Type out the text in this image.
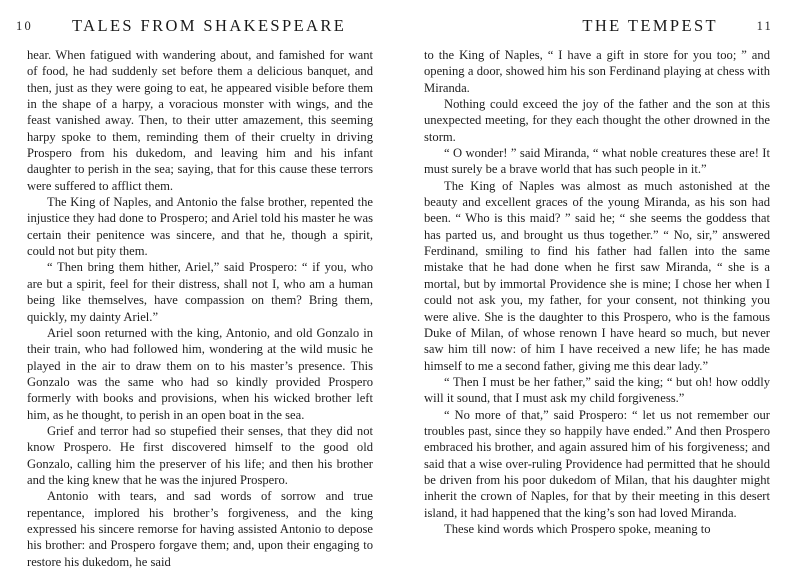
10 TALES FROM SHAKESPEARE	THE TEMPEST	11

hear. When fatigued with wandering about, and famished for want of food, he had suddenly set before them a delicious banquet, and then, just as they were going to eat, he appeared visible before them in the shape of a harpy, a voracious monster with wings, and the feast vanished away. Then, to their utter amazement, this seeming harpy spoke to them, reminding them of their cruelty in driving Prospero from his dukedom, and leaving him and his infant daughter to perish in the sea; saying, that for this cause these terrors were suffered to afflict them.

The King of Naples, and Antonio the false brother, repented the injustice they had done to Prospero; and Ariel told his master he was certain their penitence was sincere, and that he, though a spirit, could not but pity them.

“ Then bring them hither, Ariel,” said Prospero: “ if you, who are but a spirit, feel for their distress, shall not I, who am a human being like themselves, have compassion on them? Bring them, quickly, my dainty Ariel.”

Ariel soon returned with the king, Antonio, and old Gonzalo in their train, who had followed him, wondering at the wild music he played in the air to draw them on to his master’s presence. This Gonzalo was the same who had so kindly provided Prospero formerly with books and provisions, when his wicked brother left him, as he thought, to perish in an open boat in the sea.

Grief and terror had so stupefied their senses, that they did not know Prospero. He first discovered himself to the good old Gonzalo, calling him the preserver of his life; and then his brother and the king knew that he was the injured Prospero.

Antonio with tears, and sad words of sorrow and true repentance, implored his brother’s forgiveness, and the king expressed his sincere remorse for having assisted Antonio to depose his brother: and Prospero forgave them; and, upon their engaging to restore his dukedom, he said

to the King of Naples, “ I have a gift in store for you too; ” and opening a door, showed him his son Ferdinand playing at chess with Miranda.

Nothing could exceed the joy of the father and the son at this unexpected meeting, for they each thought the other drowned in the storm.

“ O wonder! ” said Miranda, “ what noble creatures these are! It must surely be a brave world that has such people in it.”

The King of Naples was almost as much astonished at the beauty and excellent graces of the young Miranda, as his son had been. “ Who is this maid? ” said he; “ she seems the goddess that has parted us, and brought us thus together.” “ No, sir,” answered Ferdinand, smiling to find his father had fallen into the same mistake that he had done when he first saw Miranda, “ she is a mortal, but by immortal Providence she is mine; I chose her when I could not ask you, my father, for your consent, not thinking you were alive. She is the daughter to this Prospero, who is the famous Duke of Milan, of whose renown I have heard so much, but never saw him till now: of him I have received a new life; he has made himself to me a second father, giving me this dear lady.”

“ Then I must be her father,” said the king; “ but oh! how oddly will it sound, that I must ask my child forgiveness.”

“ No more of that,” said Prospero: “ let us not remember our troubles past, since they so happily have ended.” And then Prospero embraced his brother, and again assured him of his forgiveness; and said that a wise over-ruling Providence had permitted that he should be driven from his poor dukedom of Milan, that his daughter might inherit the crown of Naples, for that by their meeting in this desert island, it had happened that the king’s son had loved Miranda.

These kind words which Prospero spoke, meaning to
